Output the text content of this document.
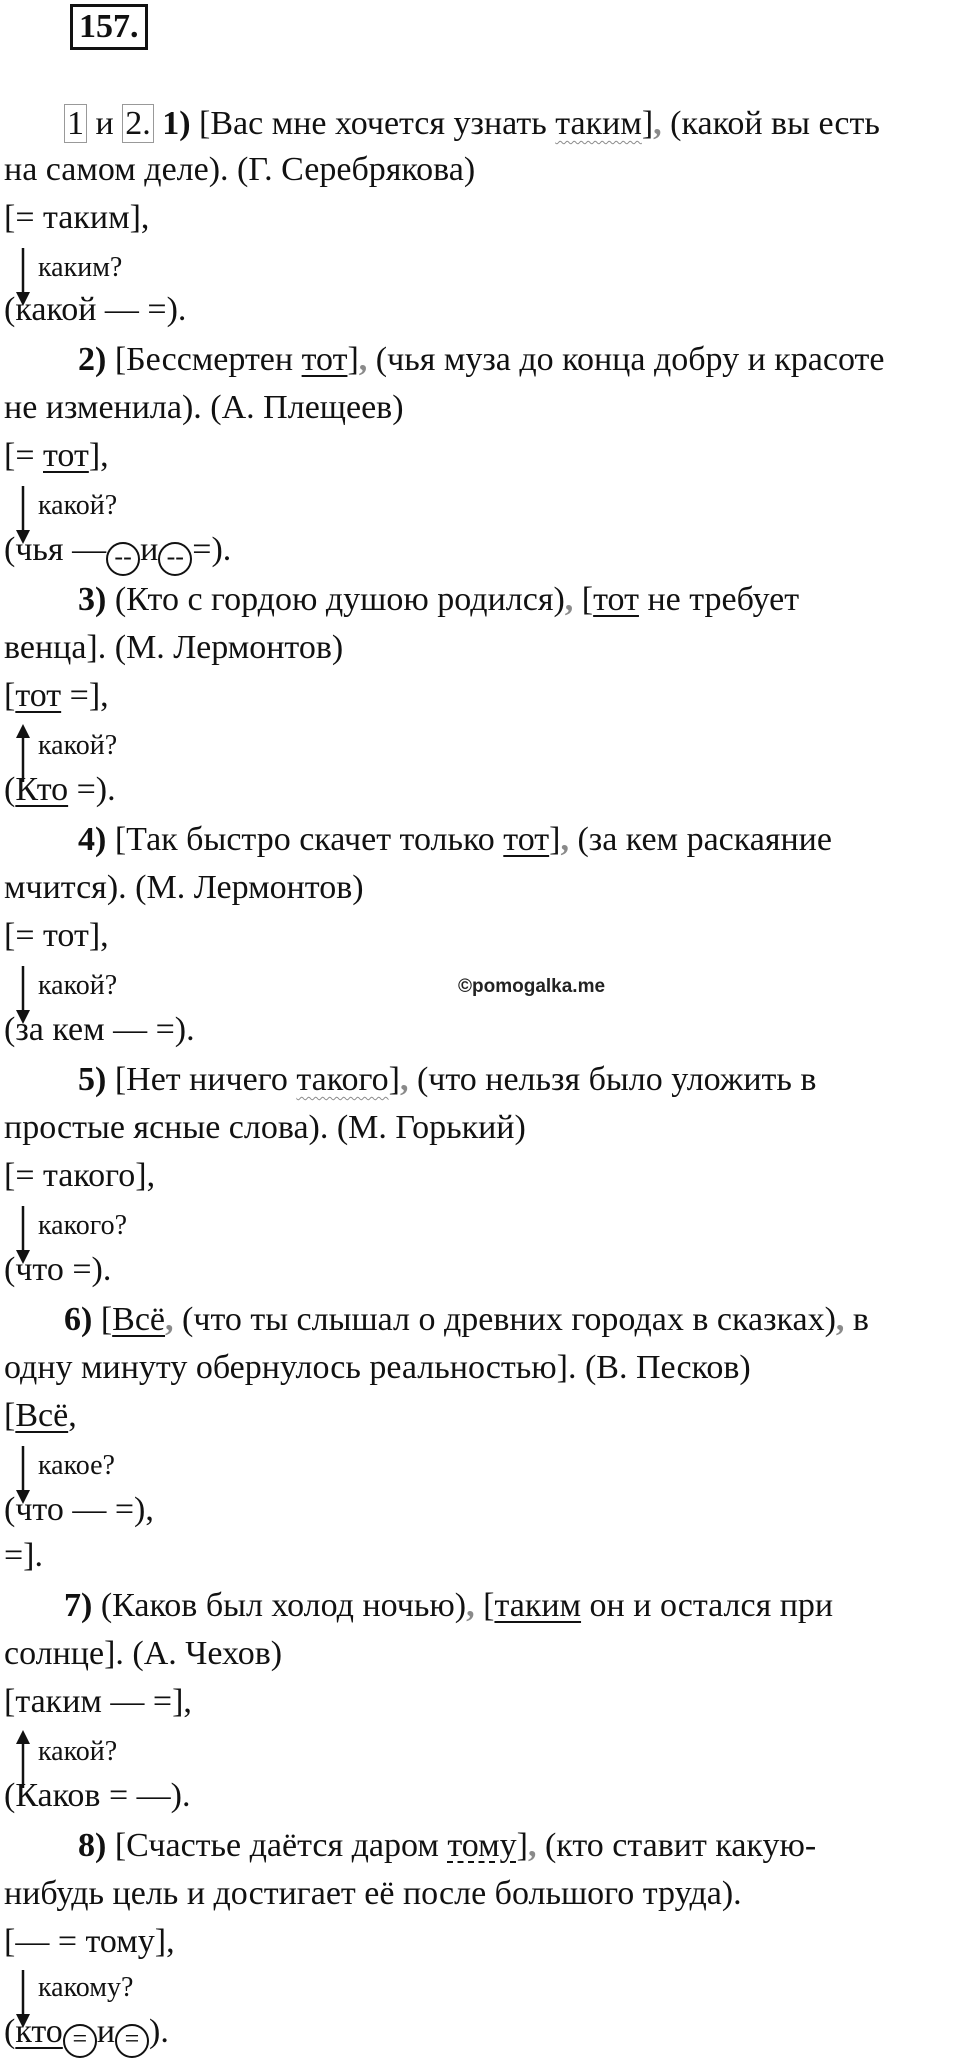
157.
1 и 2. 1) [Вас мне хочется узнать таким], (какой вы есть
на самом деле). (Г. Серебрякова)
[= таким],
каким?
(какой — =).
2) [Бессмертен тот], (чья муза до конца добру и красоте
не изменила). (А. Плещеев)
[= тот],
какой?
(чья — -- и -- =).
3) (Кто с гордою душою родился), [тот не требует
венца]. (М. Лермонтов)
[тот =],
какой?
(Кто =).
4) [Так быстро скачет только тот], (за кем раскаяние
мчится). (М. Лермонтов)
[= тот],
какой?	©pomogalka.me
(за кем — =).
5) [Нет ничего такого], (что нельзя было уложить в
простые ясные слова). (М. Горький)
[= такого],
какого?
(что =).
6) [Всё, (что ты слышал о древних городах в сказках), в
одну минуту обернулось реальностью]. (В. Песков)
[Всё,
какое?
(что — =),
=].
7) (Каков был холод ночью), [таким он и остался при
солнце]. (А. Чехов)
[таким — =],
какой?
(Каков = —).
8) [Счастье даётся даром тому], (кто ставит какую-
нибудь цель и достигает её после большого труда).
[— = тому],
какому?
(кто = и = ).
